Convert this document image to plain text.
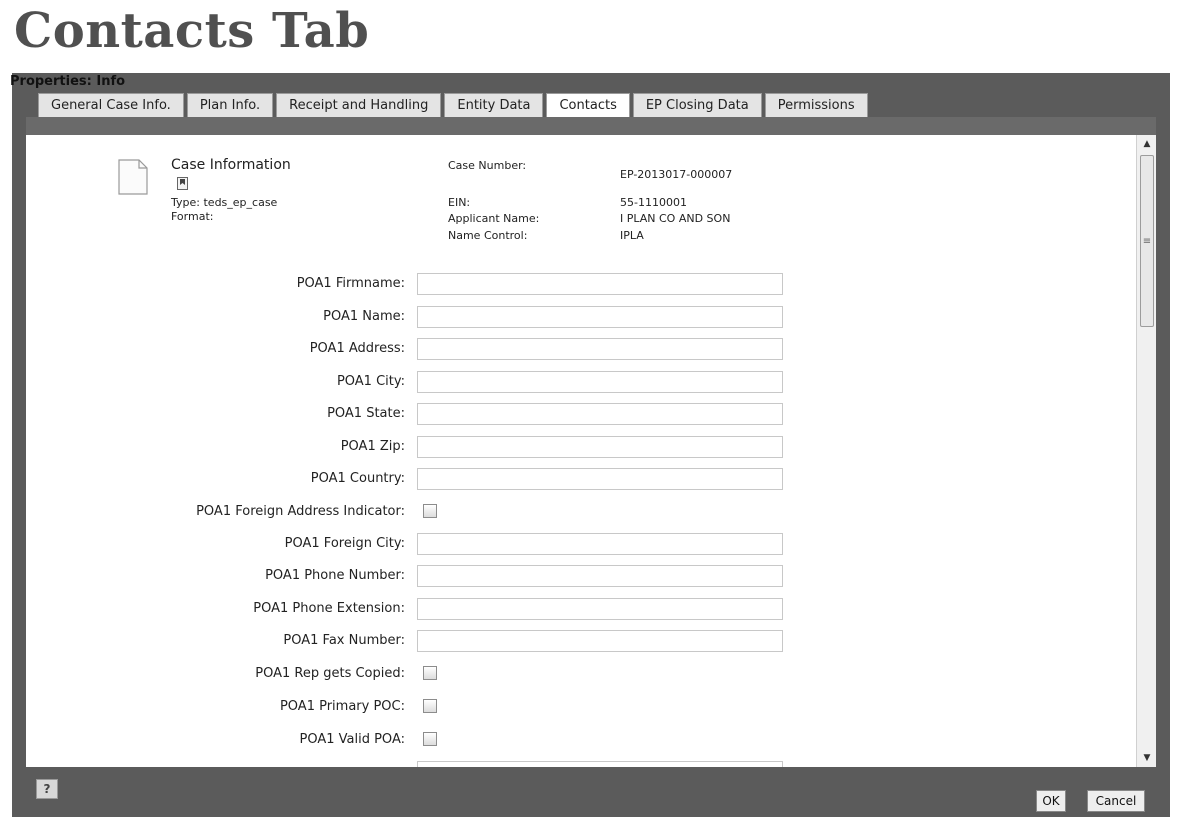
Contacts Tab
Properties: Info
General Case Info. Plan Info. Receipt and Handling Entity Data Contacts EP Closing Data Permissions
Case Information
Type: teds_ep_case
Format:
Case Number:
EP-2013017-000007
EIN:	55-1110001
Applicant Name:	I PLAN CO AND SON
Name Control:	IPLA
POA1 Firmname:
POA1 Name:
POA1 Address:
POA1 City:
POA1 State:
POA1 Zip:
POA1 Country:
POA1 Foreign Address Indicator:
POA1 Foreign City:
POA1 Phone Number:
POA1 Phone Extension:
POA1 Fax Number:
POA1 Rep gets Copied:
POA1 Primary POC:
POA1 Valid POA:
▲
≡
▼
?
OK	Cancel
